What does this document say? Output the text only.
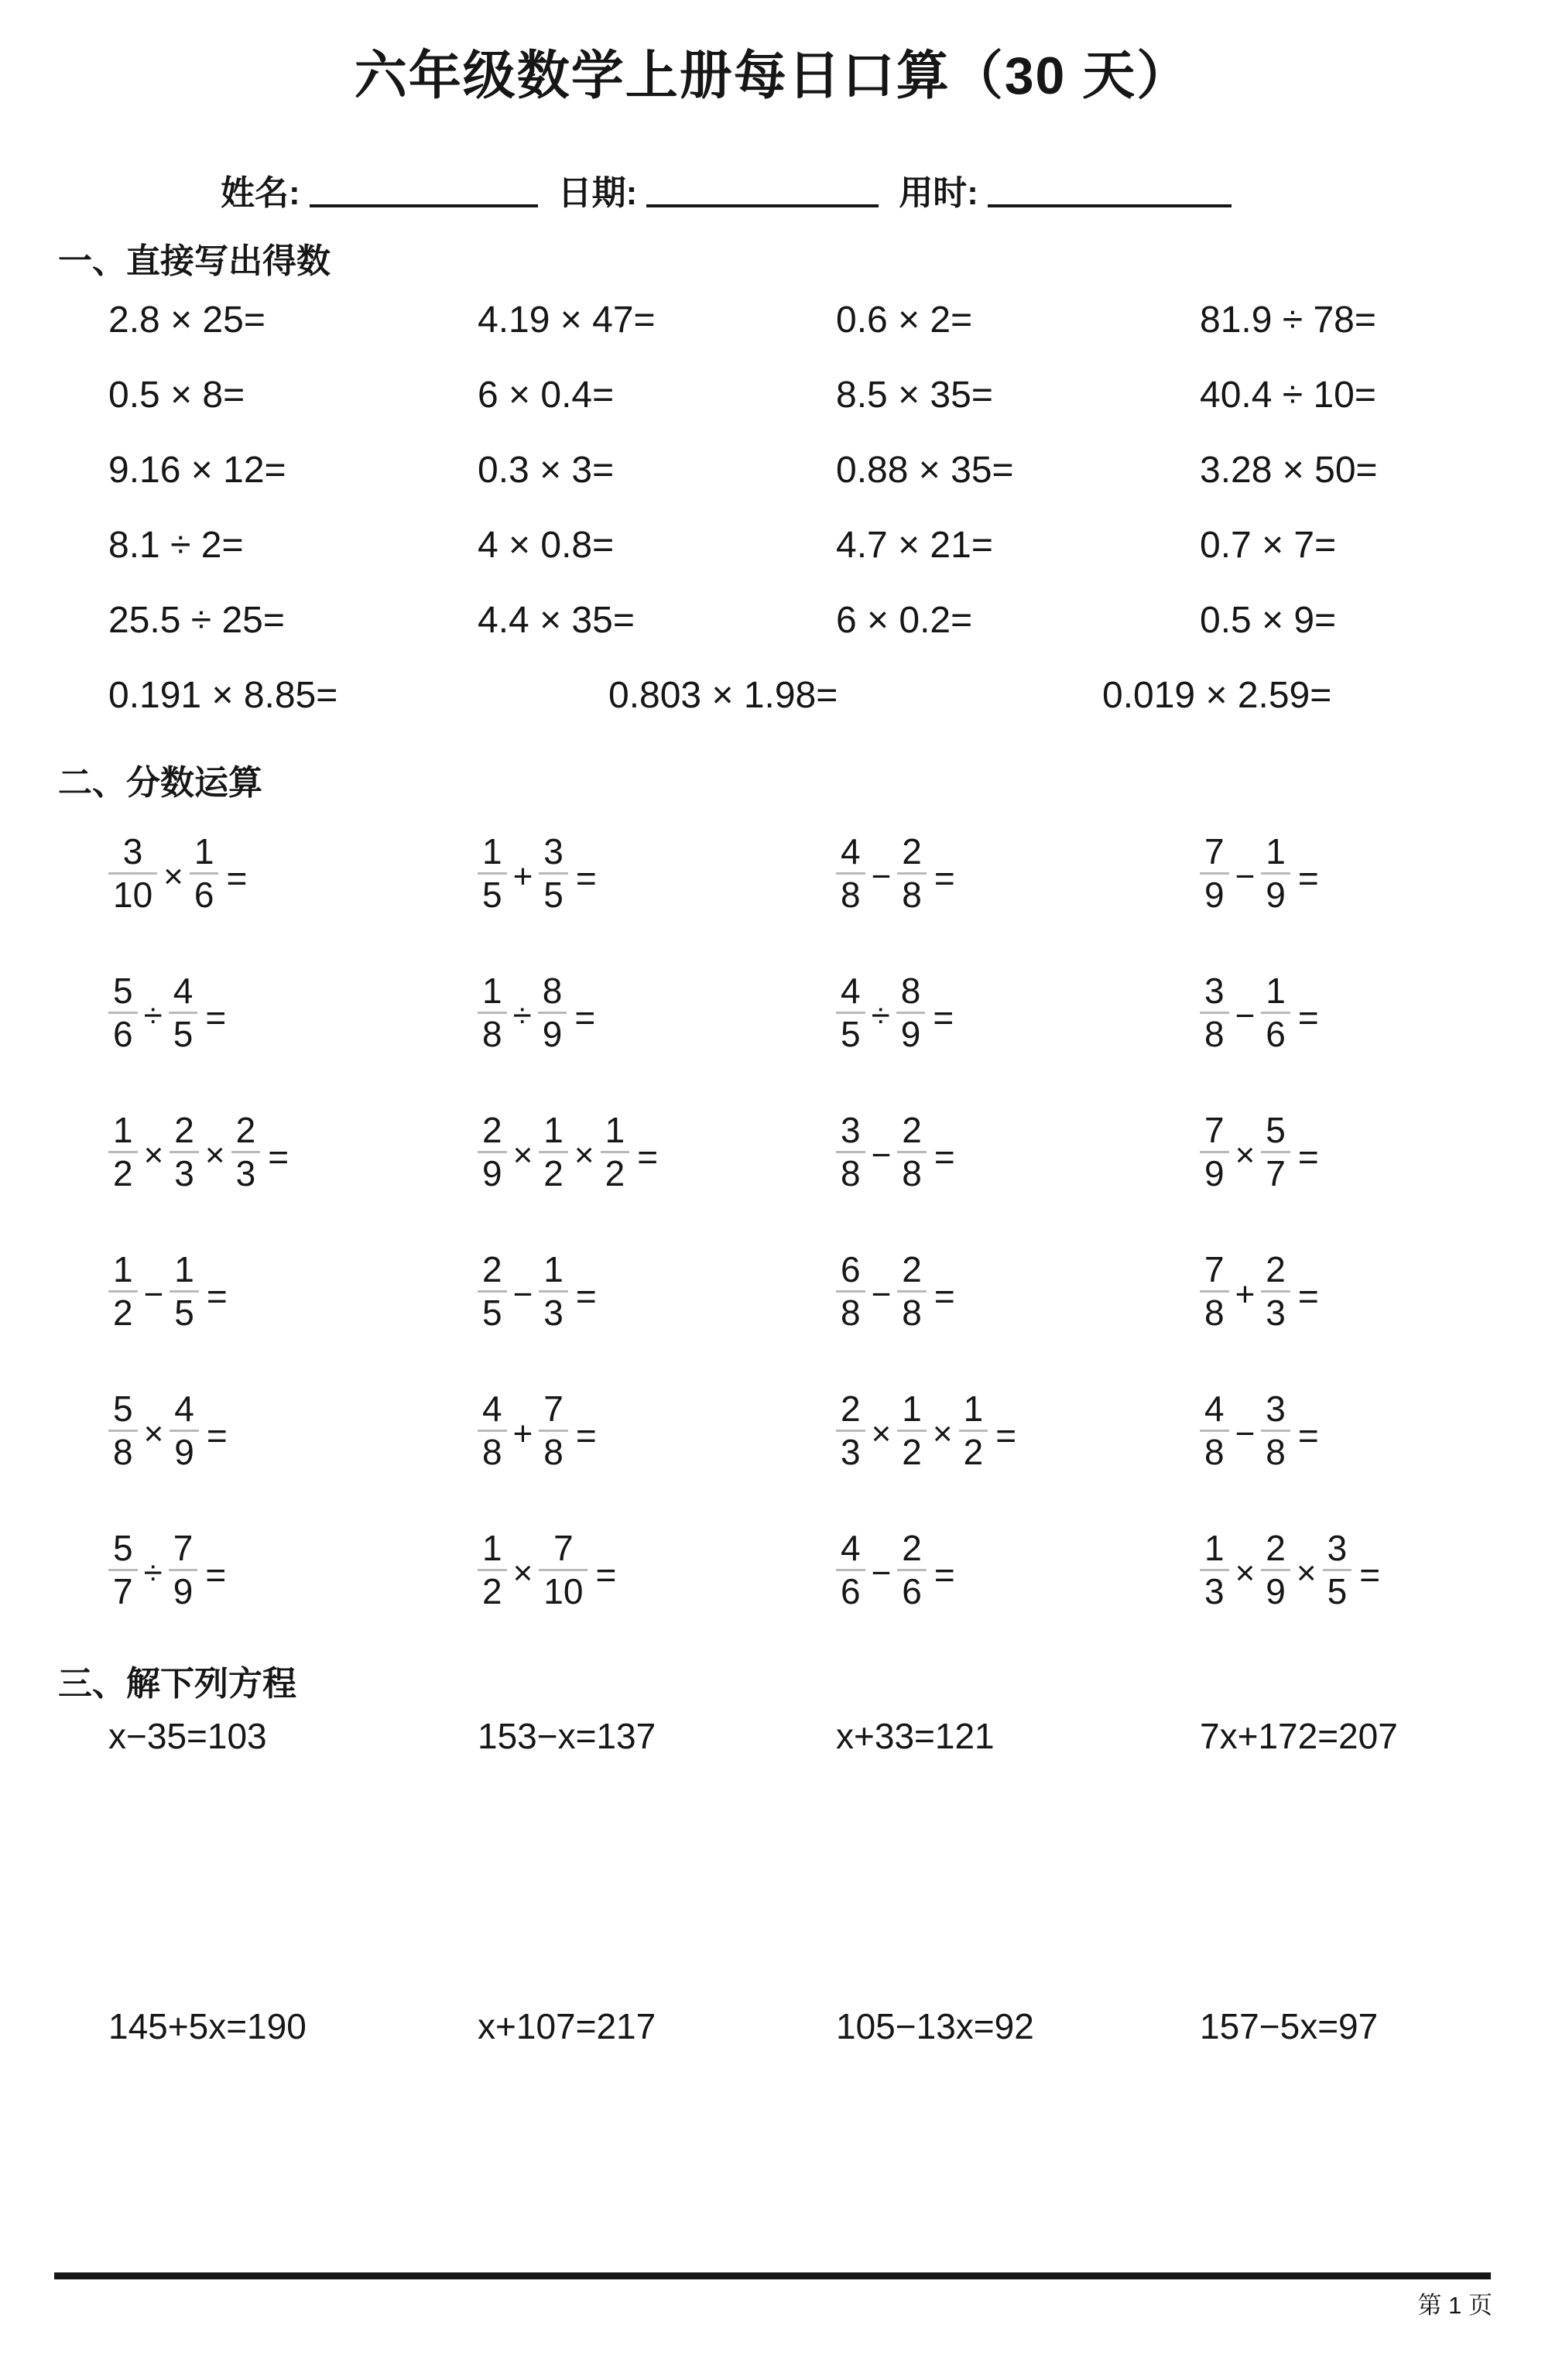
六年级数学上册每日口算（30 天）
姓名:	日期:	用时:
一、直接写出得数
2.8 × 25=	4.19 × 47=	0.6 × 2=	81.9 ÷ 78=
0.5 × 8=	6 × 0.4=	8.5 × 35=	40.4 ÷ 10=
9.16 × 12=	0.3 × 3=	0.88 × 35=	3.28 × 50=
8.1 ÷ 2=	4 × 0.8=	4.7 × 21=	0.7 × 7=
25.5 ÷ 25=	4.4 × 35=	6 × 0.2=	0.5 × 9=
0.191 × 8.85=	0.803 × 1.98=	0.019 × 2.59=
二、分数运算
$\frac{3}{10} \times \frac{1}{6}$ =	$\frac{1}{5} + \frac{3}{5}$ =	$\frac{4}{8} - \frac{2}{8}$ =	$\frac{7}{9} - \frac{1}{9}$ =
$\frac{5}{6} \div \frac{4}{5}$ =	$\frac{1}{8} \div \frac{8}{9}$ =	$\frac{4}{5} \div \frac{8}{9}$ =	$\frac{3}{8} - \frac{1}{6}$ =
$\frac{1}{2} \times \frac{2}{3} \times \frac{2}{3}$ =	$\frac{2}{9} \times \frac{1}{2} \times \frac{1}{2}$ =	$\frac{3}{8} - \frac{2}{8}$ =	$\frac{7}{9} \times \frac{5}{7}$ =
$\frac{1}{2} - \frac{1}{5}$ =	$\frac{2}{5} - \frac{1}{3}$ =	$\frac{6}{8} - \frac{2}{8}$ =	$\frac{7}{8} + \frac{2}{3}$ =
$\frac{5}{8} \times \frac{4}{9}$ =	$\frac{4}{8} + \frac{7}{8}$ =	$\frac{2}{3} \times \frac{1}{2} \times \frac{1}{2}$ =	$\frac{4}{8} - \frac{3}{8}$ =
$\frac{5}{7} \div \frac{7}{9}$ =	$\frac{1}{2} \times \frac{7}{10}$ =	$\frac{4}{6} - \frac{2}{6}$ =	$\frac{1}{3} \times \frac{2}{9} \times \frac{3}{5}$ =
三、解下列方程
x−35=103	153−x=137	x+33=121	7x+172=207
145+5x=190	x+107=217	105−13x=92	157−5x=97
第 1 页
